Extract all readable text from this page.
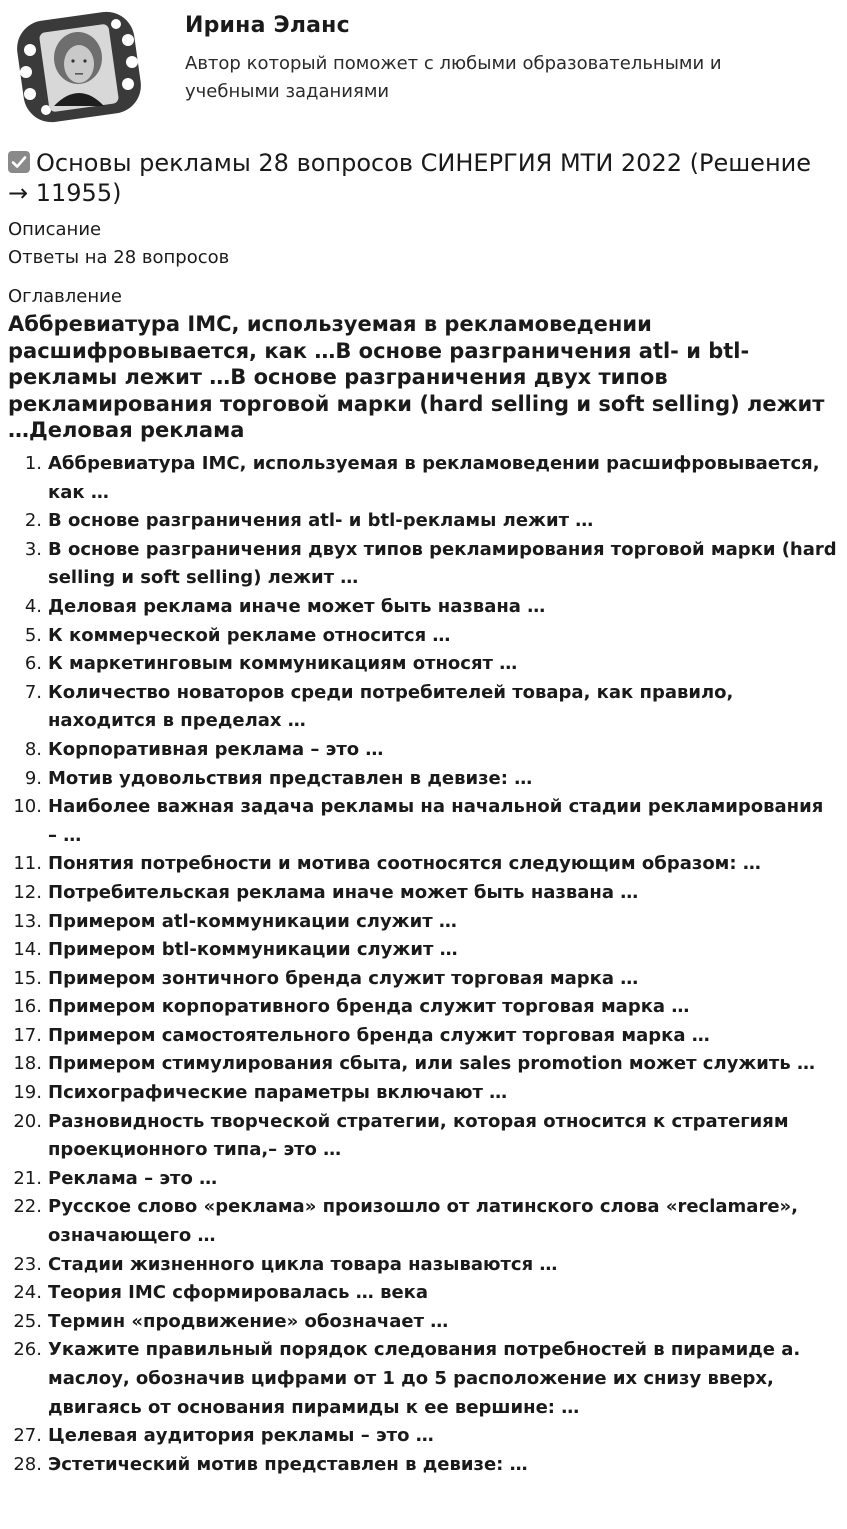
Ирина Эланс
Автор который поможет с любыми образовательными и учебными заданиями
Основы рекламы 28 вопросов СИНЕРГИЯ МТИ 2022 (Решение → 11955)
Описание
Ответы на 28 вопросов
Оглавление
Аббревиатура IMC, используемая в рекламоведении расшифровывается, как …В основе разграничения atl- и btl-рекламы лежит …В основе разграничения двух типов рекламирования торговой марки (hard selling и soft selling) лежит …Деловая реклама
1. Аббревиатура IMC, используемая в рекламоведении расшифровывается, как …
2. В основе разграничения atl- и btl-рекламы лежит …
3. В основе разграничения двух типов рекламирования торговой марки (hard selling и soft selling) лежит …
4. Деловая реклама иначе может быть названа …
5. К коммерческой рекламе относится …
6. К маркетинговым коммуникациям относят …
7. Количество новаторов среди потребителей товара, как правило, находится в пределах …
8. Корпоративная реклама – это …
9. Мотив удовольствия представлен в девизе: …
10. Наиболее важная задача рекламы на начальной стадии рекламирования – …
11. Понятия потребности и мотива соотносятся следующим образом: …
12. Потребительская реклама иначе может быть названа …
13. Примером atl-коммуникации служит …
14. Примером btl-коммуникации служит …
15. Примером зонтичного бренда служит торговая марка …
16. Примером корпоративного бренда служит торговая марка …
17. Примером самостоятельного бренда служит торговая марка …
18. Примером стимулирования сбыта, или sales promotion может служить …
19. Психографические параметры включают …
20. Разновидность творческой стратегии, которая относится к стратегиям проекционного типа,– это …
21. Реклама – это …
22. Русское слово «реклама» произошло от латинского слова «reclamare», означающего …
23. Стадии жизненного цикла товара называются …
24. Теория IMC сформировалась … века
25. Термин «продвижение» обозначает …
26. Укажите правильный порядок следования потребностей в пирамиде а. маслоу, обозначив цифрами от 1 до 5 расположение их снизу вверх, двигаясь от основания пирамиды к ее вершине: …
27. Целевая аудитория рекламы – это …
28. Эстетический мотив представлен в девизе: …
